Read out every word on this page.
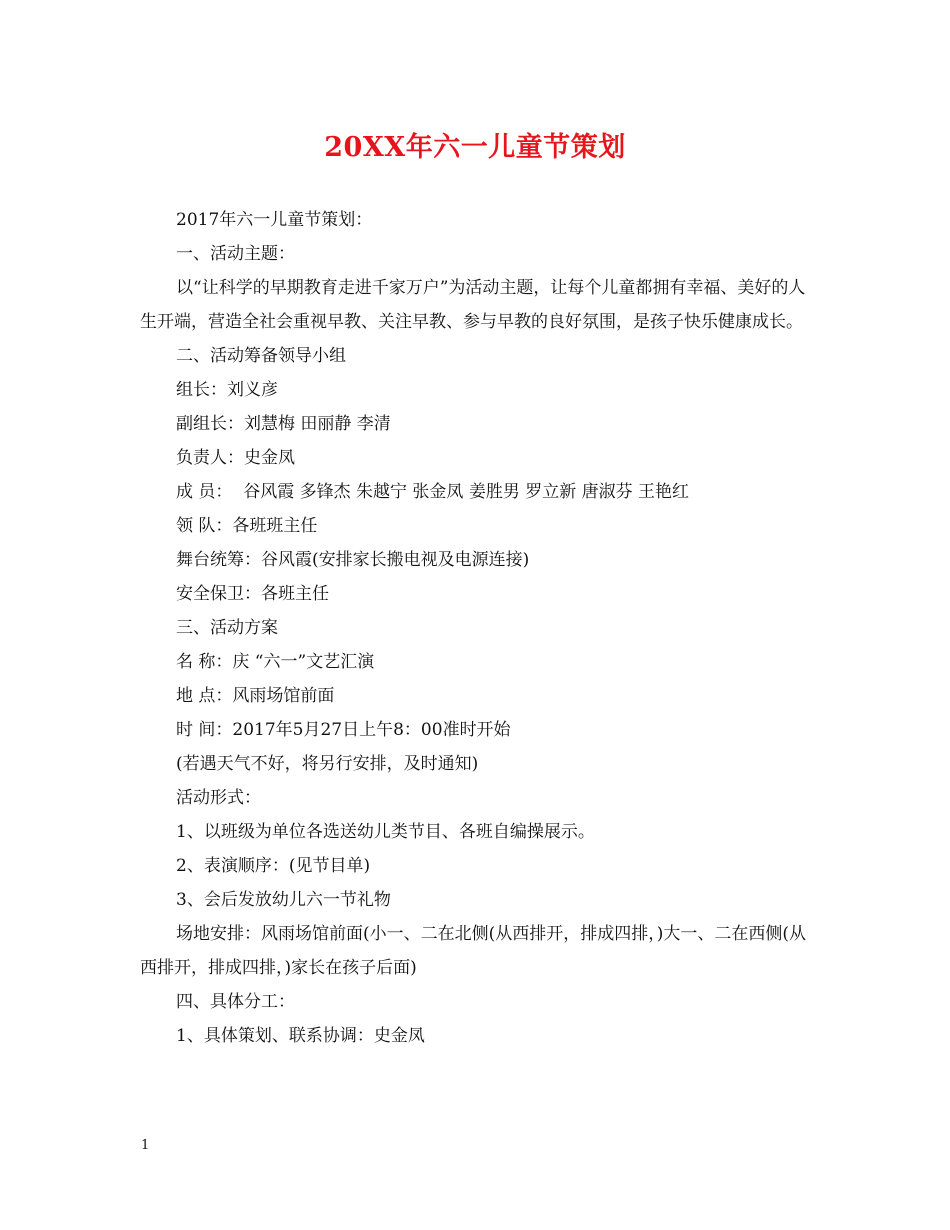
20XX年六一儿童节策划

2017年六一儿童节策划：

一、活动主题：

以“让科学的早期教育走进千家万户”为活动主题，让每个儿童都拥有幸福、美好的人生开端，营造全社会重视早教、关注早教、参与早教的良好氛围，是孩子快乐健康成长。

二、活动筹备领导小组

组长：刘义彦

副组长：刘慧梅 田丽静 李清

负责人：史金凤

成 员：  谷风霞 多锋杰 朱越宁 张金凤 姜胜男 罗立新 唐淑芬 王艳红

领 队：各班班主任

舞台统筹：谷风霞(安排家长搬电视及电源连接)

安全保卫：各班主任

三、活动方案

名 称：庆 “六一”文艺汇演

地 点：风雨场馆前面

时 间：2017年5月27日上午8：00准时开始

(若遇天气不好，将另行安排，及时通知)

活动形式：

1、以班级为单位各选送幼儿类节目、各班自编操展示。

2、表演顺序：(见节目单)

3、会后发放幼儿六一节礼物

场地安排：风雨场馆前面(小一、二在北侧(从西排开，排成四排，)大一、二在西侧(从西排开，排成四排，)家长在孩子后面)

四、具体分工：

1、具体策划、联系协调：史金凤

1
